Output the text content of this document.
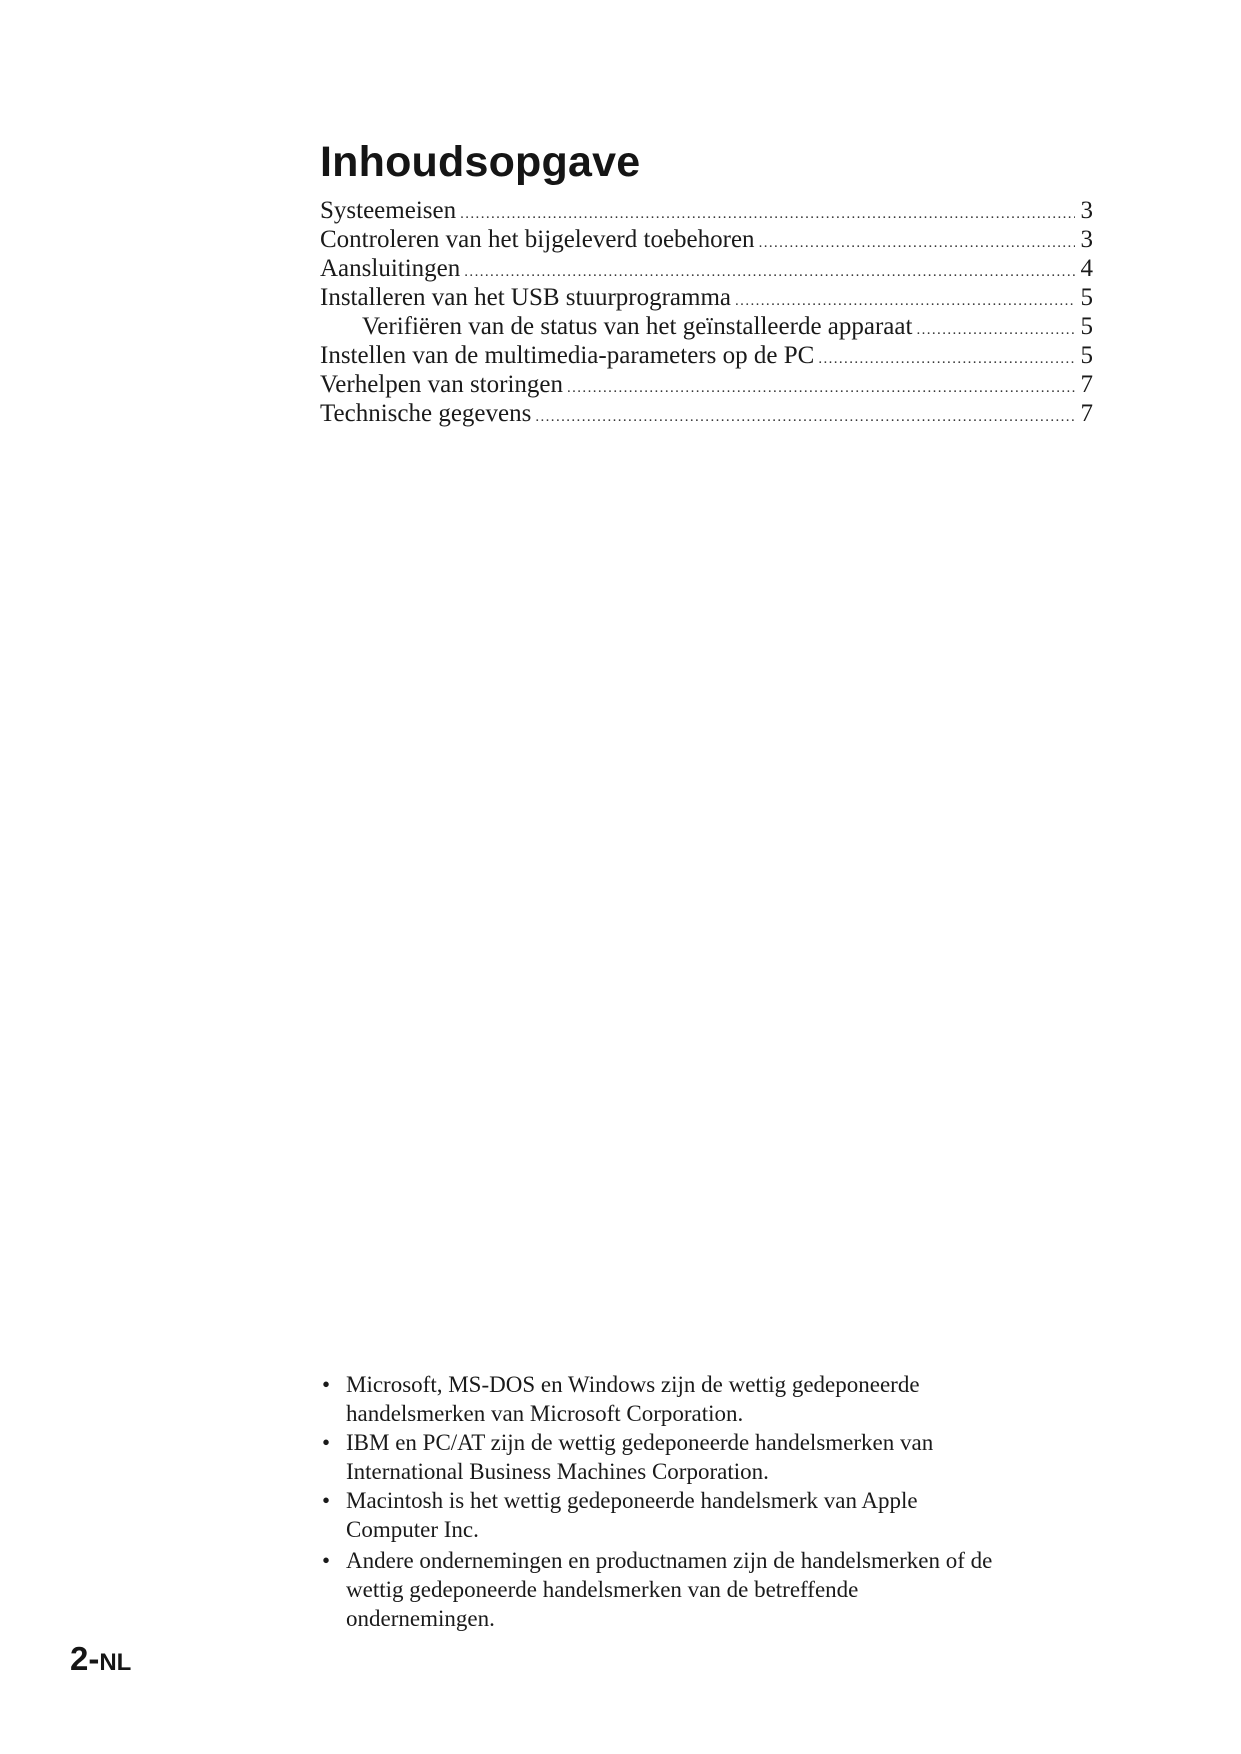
Inhoudsopgave
Systeemeisen .....	3
Controleren van het bijgeleverd toebehoren .....	3
Aansluitingen .....	4
Installeren van het USB stuurprogramma .....	5
Verifiëren van de status van het geïnstalleerde apparaat .....	5
Instellen van de multimedia-parameters op de PC .....	5
Verhelpen van storingen .....	7
Technische gegevens .....	7
• Microsoft, MS-DOS en Windows zijn de wettig gedeponeerde
handelsmerken van Microsoft Corporation.
• IBM en PC/AT zijn de wettig gedeponeerde handelsmerken van
International Business Machines Corporation.
• Macintosh is het wettig gedeponeerde handelsmerk van Apple
Computer Inc.
• Andere ondernemingen en productnamen zijn de handelsmerken of de
wettig gedeponeerde handelsmerken van de betreffende
ondernemingen.
2-NL
